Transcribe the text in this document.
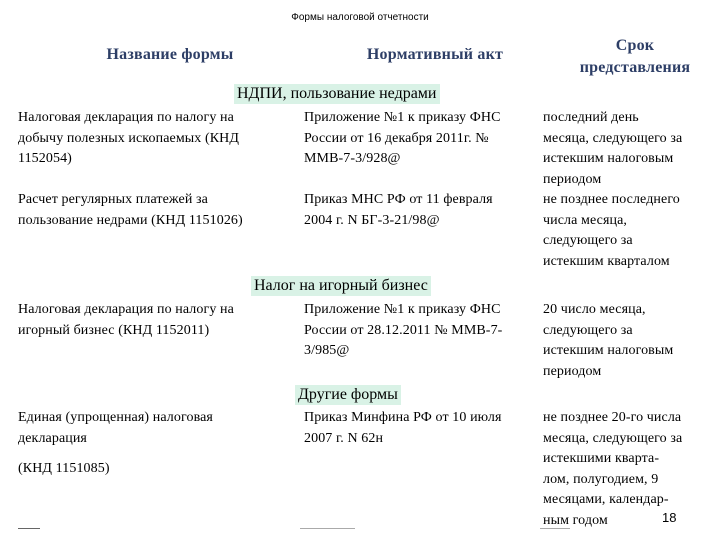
Формы налоговой отчетности
Название формы	Нормативный акт
Срок
представления
НДПИ, пользование недрами
Налоговая декларация по налогу на
добычу полезных ископаемых (КНД
1152054)
Приложение №1 к приказу ФНС
России от 16 декабря 2011г. №
ММВ-7-3/928@
последний день
месяца, следующего за
истекшим налоговым
периодом
Расчет регулярных платежей за
пользование недрами (КНД 1151026)
Приказ МНС РФ от 11 февраля
2004 г. N БГ-3-21/98@
не позднее последнего
числа месяца,
следующего за
истекшим кварталом
Налог на игорный бизнес
Налоговая декларация по налогу на
игорный бизнес (КНД 1152011)
Приложение №1 к приказу ФНС
России от 28.12.2011 № ММВ-7-
3/985@
20 число месяца,
следующего за
истекшим налоговым
периодом
Другие формы
Единая (упрощенная) налоговая
декларация
(КНД 1151085)
Приказ Минфина РФ от 10 июля
2007 г. N 62н
не позднее 20-го числа
месяца, следующего за
истекшими кварта-
лом, полугодием, 9
месяцами, календар-
ным годом	18
